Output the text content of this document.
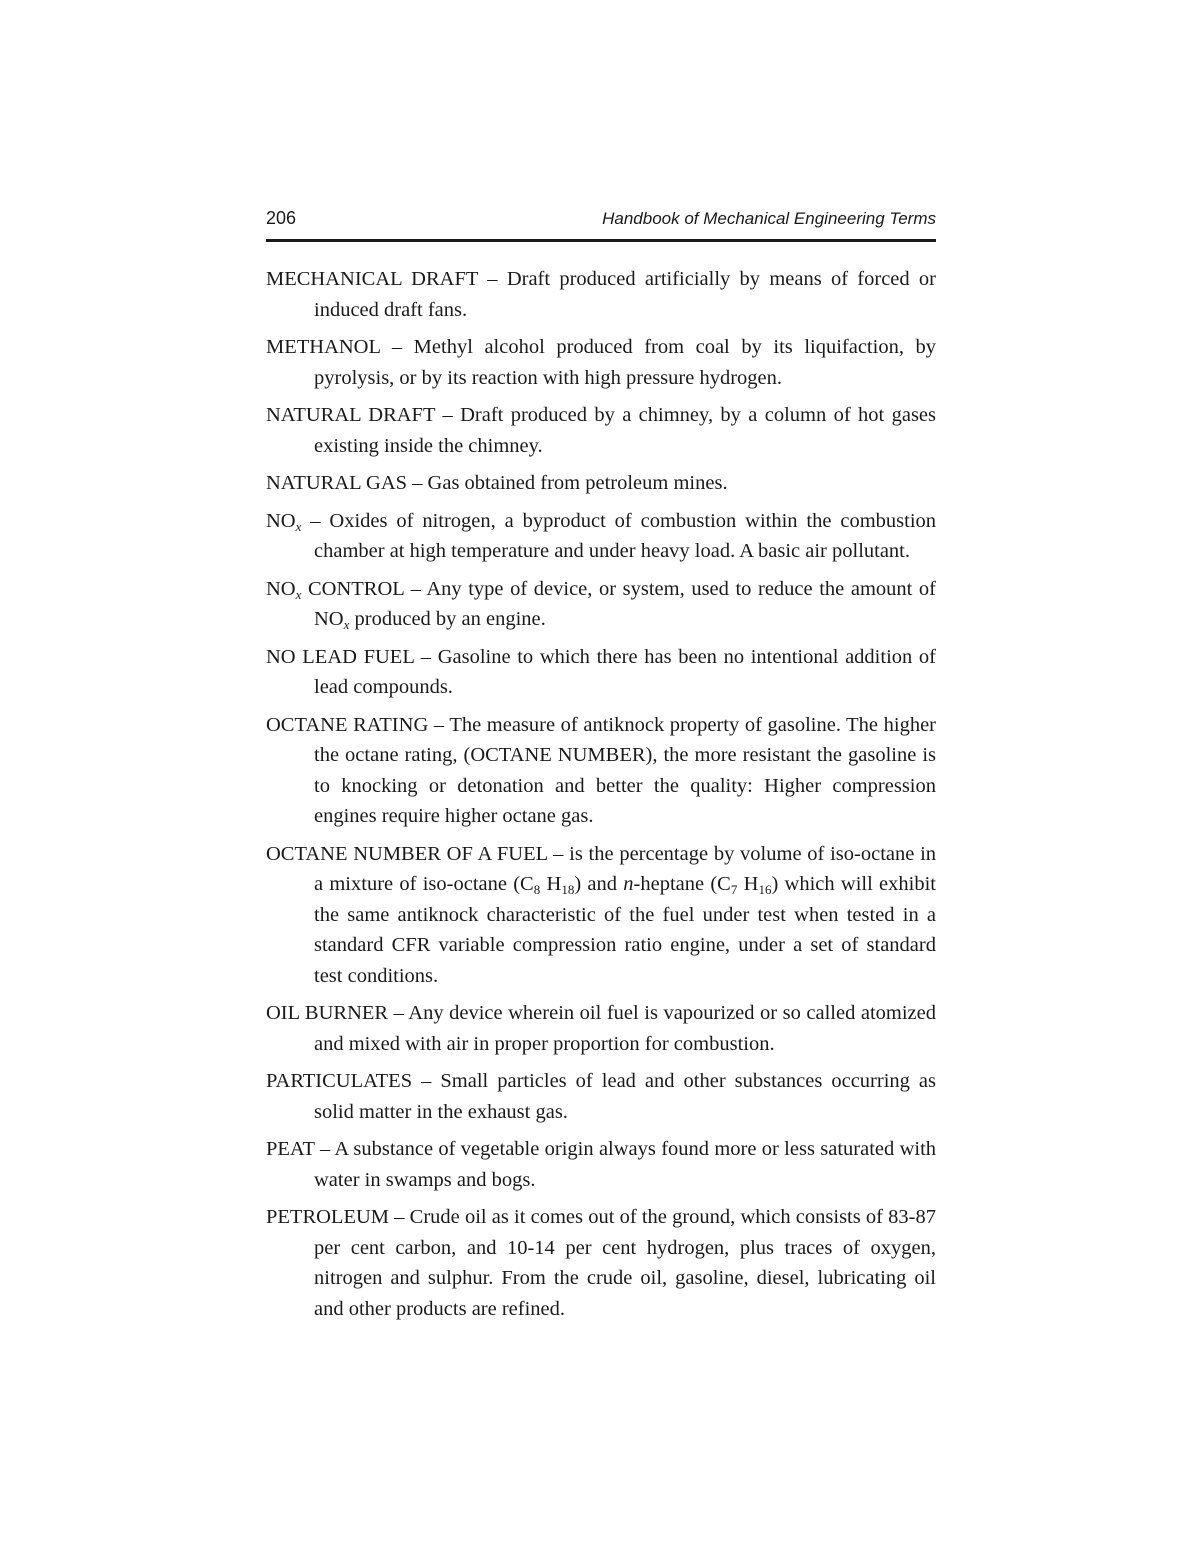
206	Handbook of Mechanical Engineering Terms

MECHANICAL DRAFT – Draft produced artificially by means of forced or induced draft fans.

METHANOL – Methyl alcohol produced from coal by its liquifaction, by pyrolysis, or by its reaction with high pressure hydrogen.

NATURAL DRAFT – Draft produced by a chimney, by a column of hot gases existing inside the chimney.

NATURAL GAS – Gas obtained from petroleum mines.

$NO_x$ – Oxides of nitrogen, a byproduct of combustion within the combustion chamber at high temperature and under heavy load. A basic air pollutant.

$NO_x$ CONTROL – Any type of device, or system, used to reduce the amount of $NO_x$ produced by an engine.

NO LEAD FUEL – Gasoline to which there has been no intentional addition of lead compounds.

OCTANE RATING – The measure of antiknock property of gasoline. The higher the octane rating, (OCTANE NUMBER), the more resistant the gasoline is to knocking or detonation and better the quality: Higher compression engines require higher octane gas.

OCTANE NUMBER OF A FUEL – is the percentage by volume of iso-octane in a mixture of iso-octane ($C_8$ $H_{18}$) and n-heptane ($C_7$ $H_{16}$) which will exhibit the same antiknock characteristic of the fuel under test when tested in a standard CFR variable compression ratio engine, under a set of standard test conditions.

OIL BURNER – Any device wherein oil fuel is vapourized or so called atomized and mixed with air in proper proportion for combustion.

PARTICULATES – Small particles of lead and other substances occurring as solid matter in the exhaust gas.

PEAT – A substance of vegetable origin always found more or less saturated with water in swamps and bogs.

PETROLEUM – Crude oil as it comes out of the ground, which consists of 83-87 per cent carbon, and 10-14 per cent hydrogen, plus traces of oxygen, nitrogen and sulphur. From the crude oil, gasoline, diesel, lubricating oil and other products are refined.
